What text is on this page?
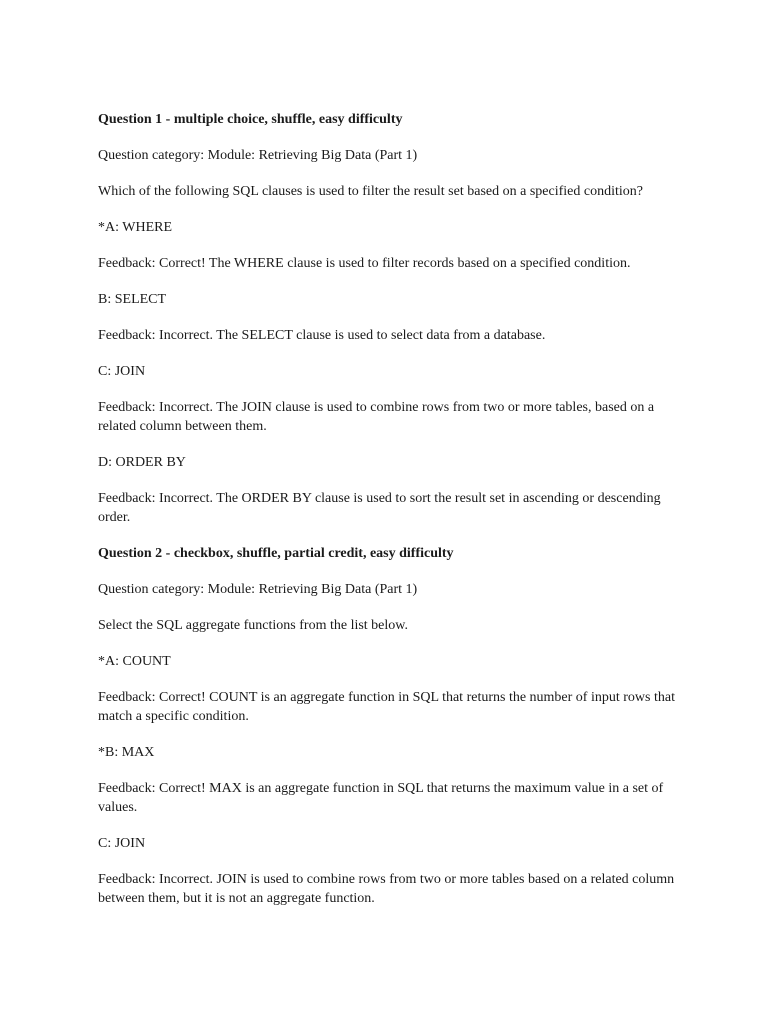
Question 1 - multiple choice, shuffle, easy difficulty

Question category: Module: Retrieving Big Data (Part 1)

Which of the following SQL clauses is used to filter the result set based on a specified condition?

*A: WHERE

Feedback: Correct! The WHERE clause is used to filter records based on a specified condition.

B: SELECT

Feedback: Incorrect. The SELECT clause is used to select data from a database.

C: JOIN

Feedback: Incorrect. The JOIN clause is used to combine rows from two or more tables, based on a related column between them.

D: ORDER BY

Feedback: Incorrect. The ORDER BY clause is used to sort the result set in ascending or descending order.

Question 2 - checkbox, shuffle, partial credit, easy difficulty

Question category: Module: Retrieving Big Data (Part 1)

Select the SQL aggregate functions from the list below.

*A: COUNT

Feedback: Correct! COUNT is an aggregate function in SQL that returns the number of input rows that match a specific condition.

*B: MAX

Feedback: Correct! MAX is an aggregate function in SQL that returns the maximum value in a set of values.

C: JOIN

Feedback: Incorrect. JOIN is used to combine rows from two or more tables based on a related column between them, but it is not an aggregate function.
